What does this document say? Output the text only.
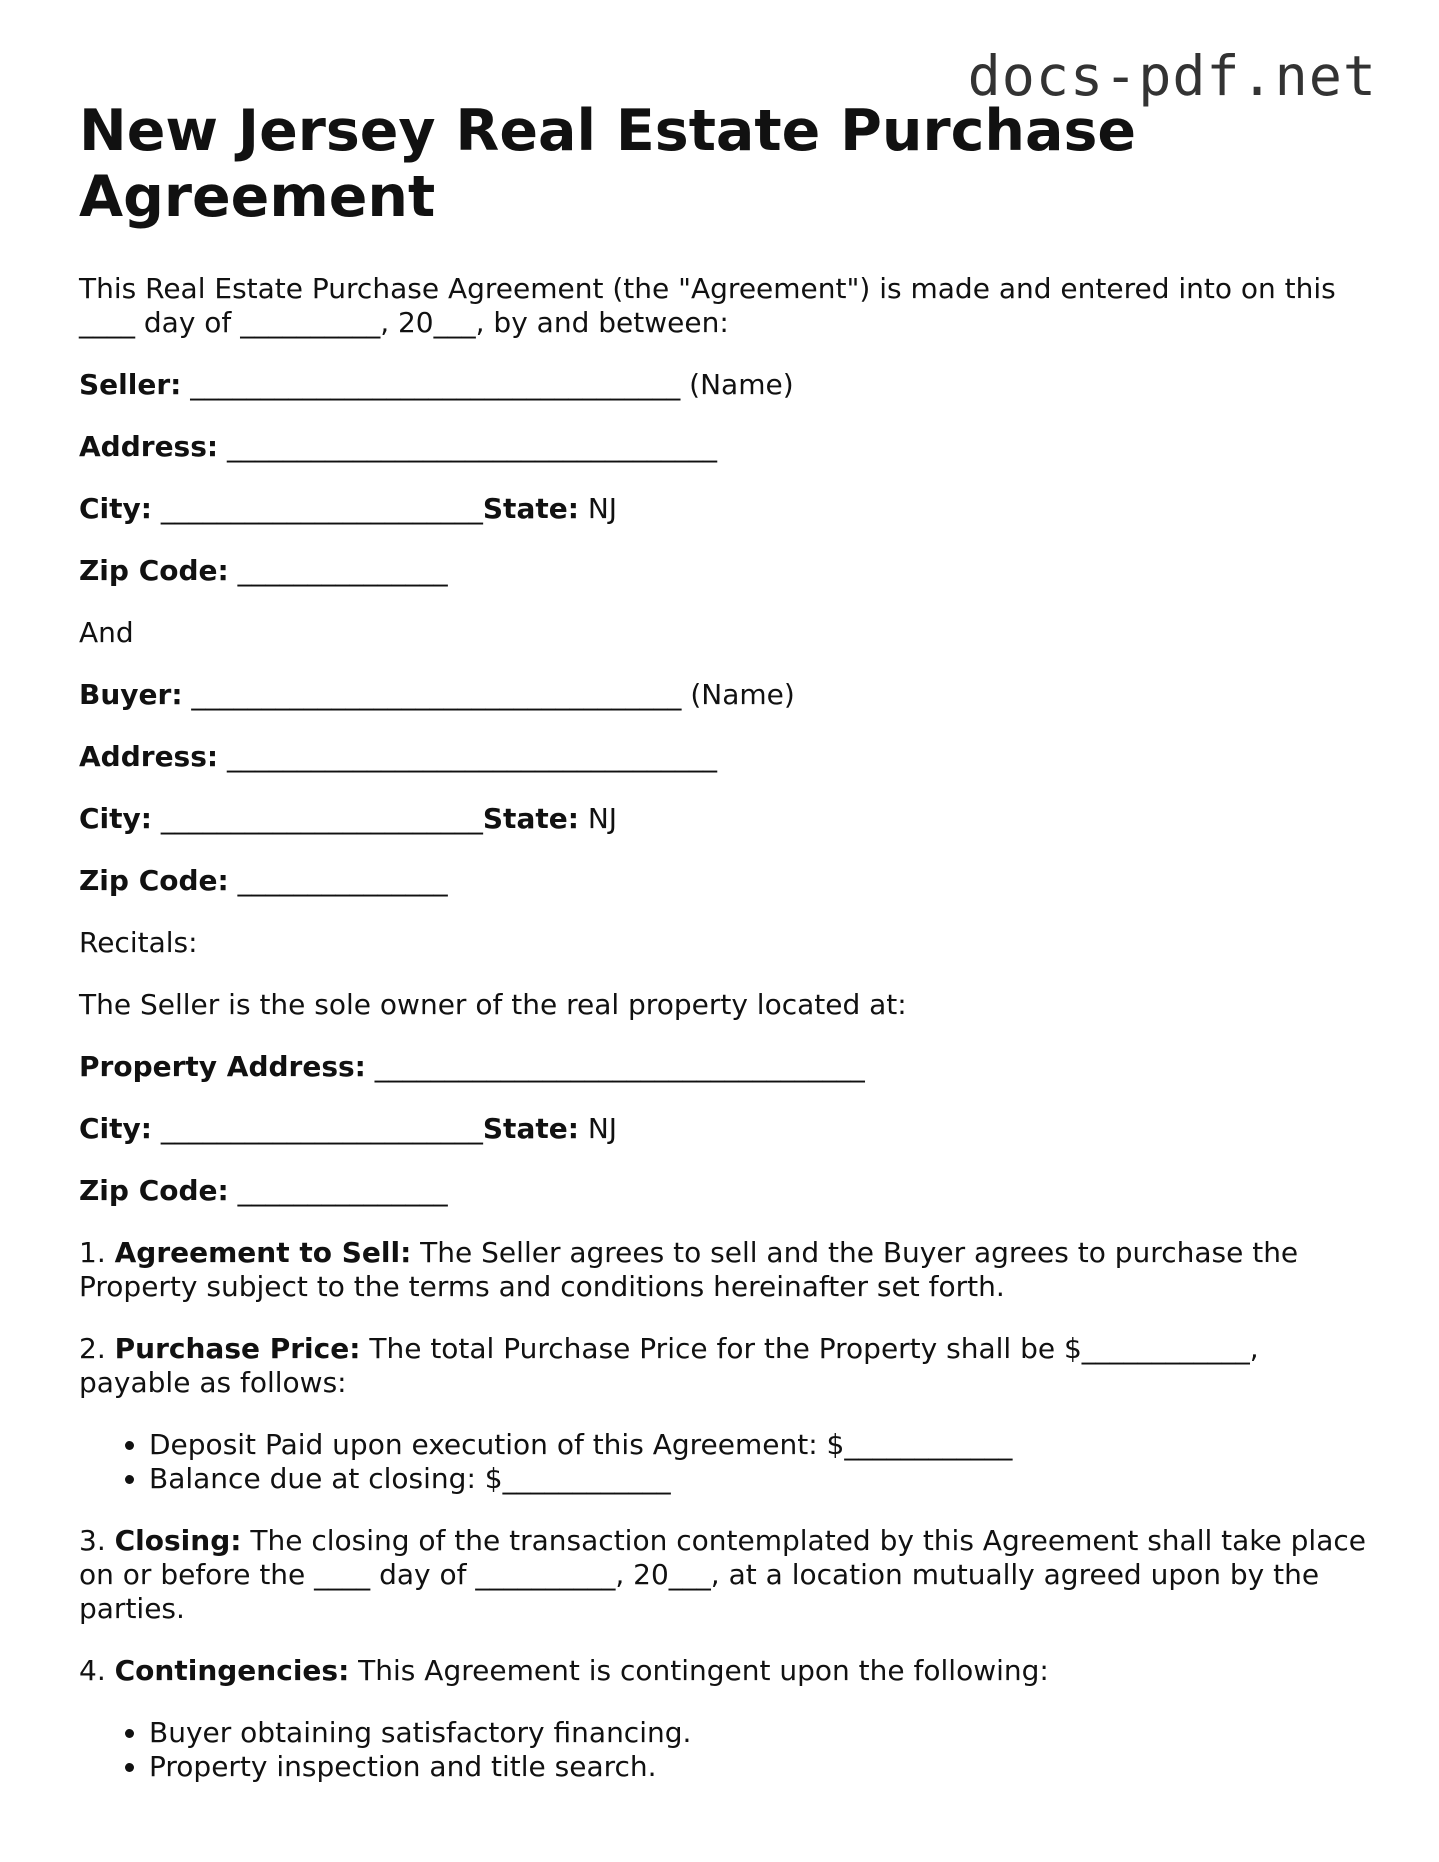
docs-pdf.net
New Jersey Real Estate Purchase Agreement

This Real Estate Purchase Agreement (the "Agreement") is made and entered into on this ____ day of __________, 20___, by and between:

Seller: ___________________________________ (Name)

Address: ___________________________________

City: _______________________State: NJ

Zip Code: _______________

And

Buyer: ___________________________________ (Name)

Address: ___________________________________

City: _______________________State: NJ

Zip Code: _______________

Recitals:

The Seller is the sole owner of the real property located at:

Property Address: ___________________________________

City: _______________________State: NJ

Zip Code: _______________

1. Agreement to Sell: The Seller agrees to sell and the Buyer agrees to purchase the Property subject to the terms and conditions hereinafter set forth.

2. Purchase Price: The total Purchase Price for the Property shall be $____________, payable as follows:

• Deposit Paid upon execution of this Agreement: $____________
• Balance due at closing: $____________

3. Closing: The closing of the transaction contemplated by this Agreement shall take place on or before the ____ day of __________, 20___, at a location mutually agreed upon by the parties.

4. Contingencies: This Agreement is contingent upon the following:

• Buyer obtaining satisfactory financing.
• Property inspection and title search.
